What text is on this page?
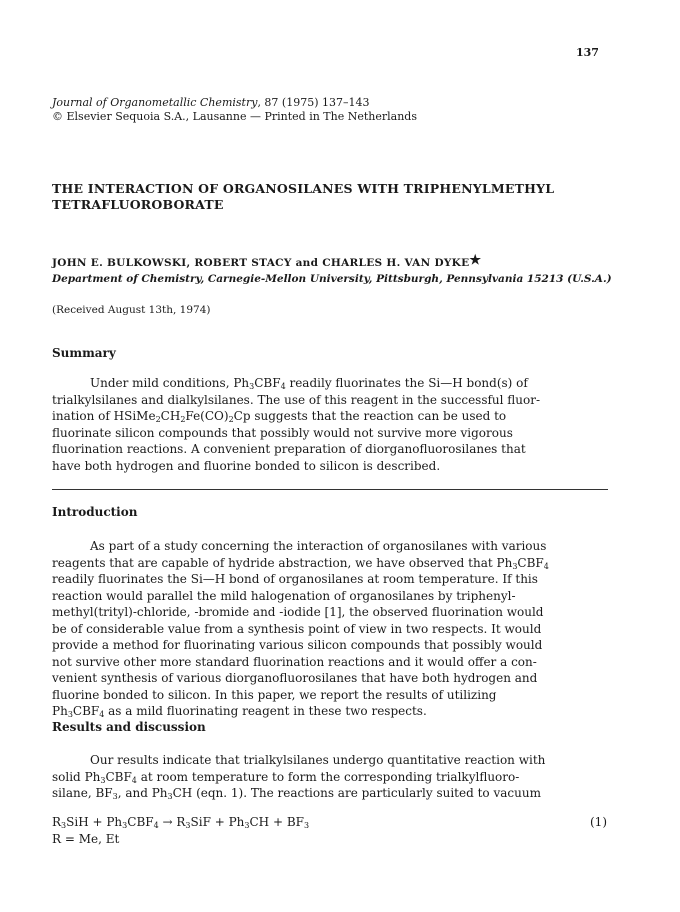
137
Journal of Organometallic Chemistry, 87 (1975) 137–143
© Elsevier Sequoia S.A., Lausanne — Printed in The Netherlands
THE INTERACTION OF ORGANOSILANES WITH TRIPHENYLMETHYL
TETRAFLUOROBORATE
JOHN E. BULKOWSKI, ROBERT STACY and CHARLES H. VAN DYKE★
Department of Chemistry, Carnegie-Mellon University, Pittsburgh, Pennsylvania 15213 (U.S.A.)
(Received August 13th, 1974)
Summary
Under mild conditions, $Ph_3CBF_4$ readily fluorinates the Si—H bond(s) of
trialkylsilanes and dialkylsilanes. The use of this reagent in the successful fluor-
ination of $HSiMe_2CH_2Fe(CO)_2Cp$ suggests that the reaction can be used to
fluorinate silicon compounds that possibly would not survive more vigorous
fluorination reactions. A convenient preparation of diorganofluorosilanes that
have both hydrogen and fluorine bonded to silicon is described.
Introduction
As part of a study concerning the interaction of organosilanes with various
reagents that are capable of hydride abstraction, we have observed that $Ph_3CBF_4$
readily fluorinates the Si—H bond of organosilanes at room temperature. If this
reaction would parallel the mild halogenation of organosilanes by triphenyl-
methyl(trityl)-chloride, -bromide and -iodide [1], the observed fluorination would
be of considerable value from a synthesis point of view in two respects. It would
provide a method for fluorinating various silicon compounds that possibly would
not survive other more standard fluorination reactions and it would offer a con-
venient synthesis of various diorganofluorosilanes that have both hydrogen and
fluorine bonded to silicon. In this paper, we report the results of utilizing
$Ph_3CBF_4$ as a mild fluorinating reagent in these two respects.
Results and discussion
Our results indicate that trialkylsilanes undergo quantitative reaction with
solid $Ph_3CBF_4$ at room temperature to form the corresponding trialkylfluoro-
silane, $BF_3$, and $Ph_3CH$ (eqn. 1). The reactions are particularly suited to vacuum
$R_3SiH + Ph_3CBF_4 \to R_3SiF + Ph_3CH + BF_3$	(1)
R = Me, Et
